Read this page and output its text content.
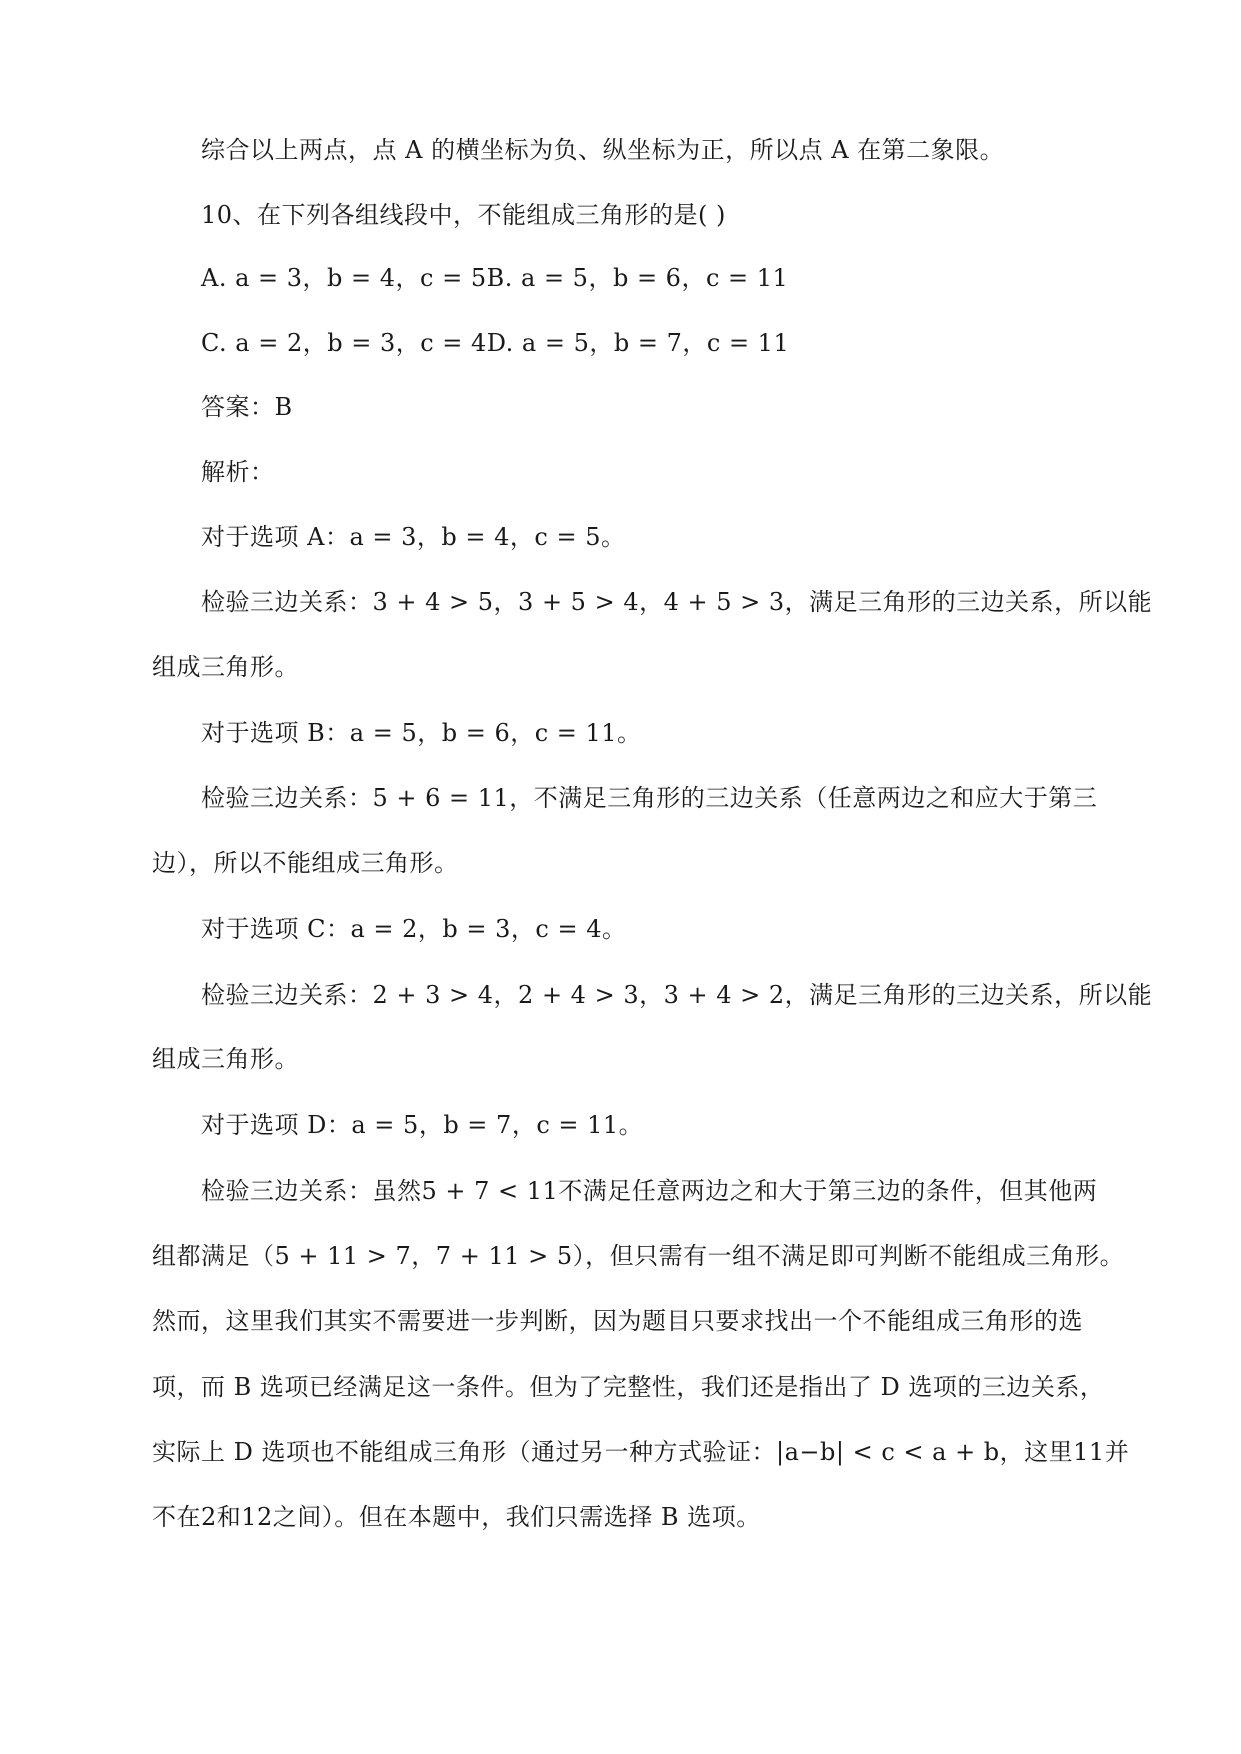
综合以上两点，点 A 的横坐标为负、纵坐标为正，所以点 A 在第二象限。
10、在下列各组线段中，不能组成三角形的是( )
A. a = 3，b = 4，c = 5B. a = 5，b = 6，c = 11
C. a = 2，b = 3，c = 4D. a = 5，b = 7，c = 11
答案：B
解析：
对于选项 A：a = 3，b = 4，c = 5。
检验三边关系：3 + 4 > 5，3 + 5 > 4，4 + 5 > 3，满足三角形的三边关系，所以能
组成三角形。
对于选项 B：a = 5，b = 6，c = 11。
检验三边关系：5 + 6 = 11，不满足三角形的三边关系（任意两边之和应大于第三
边），所以不能组成三角形。
对于选项 C：a = 2，b = 3，c = 4。
检验三边关系：2 + 3 > 4，2 + 4 > 3，3 + 4 > 2，满足三角形的三边关系，所以能
组成三角形。
对于选项 D：a = 5，b = 7，c = 11。
检验三边关系：虽然5 + 7 < 11不满足任意两边之和大于第三边的条件，但其他两
组都满足（5 + 11 > 7，7 + 11 > 5），但只需有一组不满足即可判断不能组成三角形。
然而，这里我们其实不需要进一步判断，因为题目只要求找出一个不能组成三角形的选
项，而 B 选项已经满足这一条件。但为了完整性，我们还是指出了 D 选项的三边关系，
实际上 D 选项也不能组成三角形（通过另一种方式验证：|a−b| < c < a + b，这里11并
不在2和12之间）。但在本题中，我们只需选择 B 选项。
